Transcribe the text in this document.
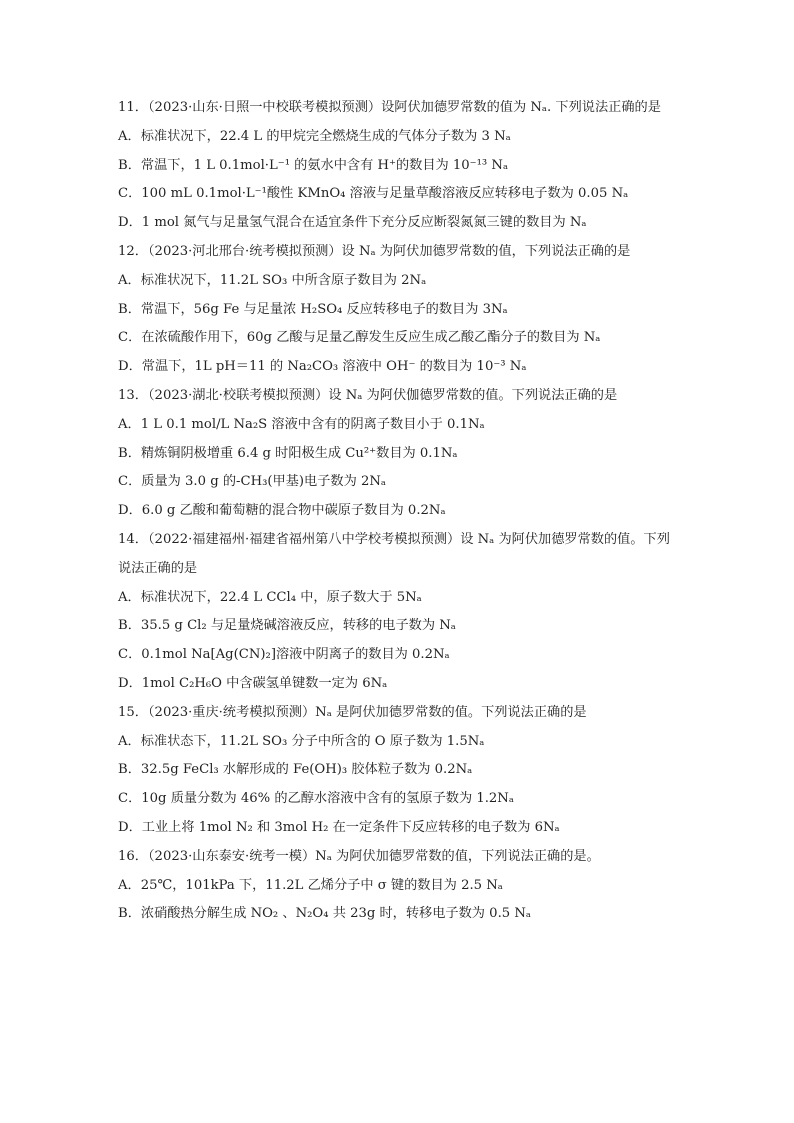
11．（2023·山东·日照一中校联考模拟预测）设阿伏加德罗常数的值为 Nₐ. 下列说法正确的是
A．标准状况下，22.4 L 的甲烷完全燃烧生成的气体分子数为 3 Nₐ
B．常温下，1 L 0.1mol·L⁻¹ 的氨水中含有 H⁺的数目为 10⁻¹³ Nₐ
C．100 mL 0.1mol·L⁻¹酸性 KMnO₄ 溶液与足量草酸溶液反应转移电子数为 0.05 Nₐ
D．1 mol 氮气与足量氢气混合在适宜条件下充分反应断裂氮氮三键的数目为 Nₐ
12．（2023·河北邢台·统考模拟预测）设 Nₐ 为阿伏加德罗常数的值，下列说法正确的是
A．标准状况下，11.2L SO₃ 中所含原子数目为 2Nₐ
B．常温下，56g Fe 与足量浓 H₂SO₄ 反应转移电子的数目为 3Nₐ
C．在浓硫酸作用下，60g 乙酸与足量乙醇发生反应生成乙酸乙酯分子的数目为 Nₐ
D．常温下，1L pH＝11 的 Na₂CO₃ 溶液中 OH⁻ 的数目为 10⁻³ Nₐ
13．（2023·湖北·校联考模拟预测）设 Nₐ 为阿伏伽德罗常数的值。下列说法正确的是
A．1 L 0.1 mol/L Na₂S 溶液中含有的阴离子数目小于 0.1Nₐ
B．精炼铜阴极增重 6.4 g 时阳极生成 Cu²⁺数目为 0.1Nₐ
C．质量为 3.0 g 的-CH₃(甲基)电子数为 2Nₐ
D．6.0 g 乙酸和葡萄糖的混合物中碳原子数目为 0.2Nₐ
14．（2022·福建福州·福建省福州第八中学校考模拟预测）设 Nₐ 为阿伏加德罗常数的值。下列说法正确的是
A．标准状况下，22.4 L CCl₄ 中，原子数大于 5Nₐ
B．35.5 g Cl₂ 与足量烧碱溶液反应，转移的电子数为 Nₐ
C．0.1mol Na[Ag(CN)₂]溶液中阴离子的数目为 0.2Nₐ
D．1mol C₂H₆O 中含碳氢单键数一定为 6Nₐ
15．（2023·重庆·统考模拟预测）Nₐ 是阿伏加德罗常数的值。下列说法正确的是
A．标准状态下，11.2L SO₃ 分子中所含的 O 原子数为 1.5Nₐ
B．32.5g FeCl₃ 水解形成的 Fe(OH)₃ 胶体粒子数为 0.2Nₐ
C．10g 质量分数为 46% 的乙醇水溶液中含有的氢原子数为 1.2Nₐ
D．工业上将 1mol N₂ 和 3mol H₂ 在一定条件下反应转移的电子数为 6Nₐ
16．（2023·山东泰安·统考一模）Nₐ 为阿伏加德罗常数的值，下列说法正确的是。
A．25℃，101kPa 下，11.2L 乙烯分子中 σ 键的数目为 2.5 Nₐ
B．浓硝酸热分解生成 NO₂ 、N₂O₄ 共 23g 时，转移电子数为 0.5 Nₐ
